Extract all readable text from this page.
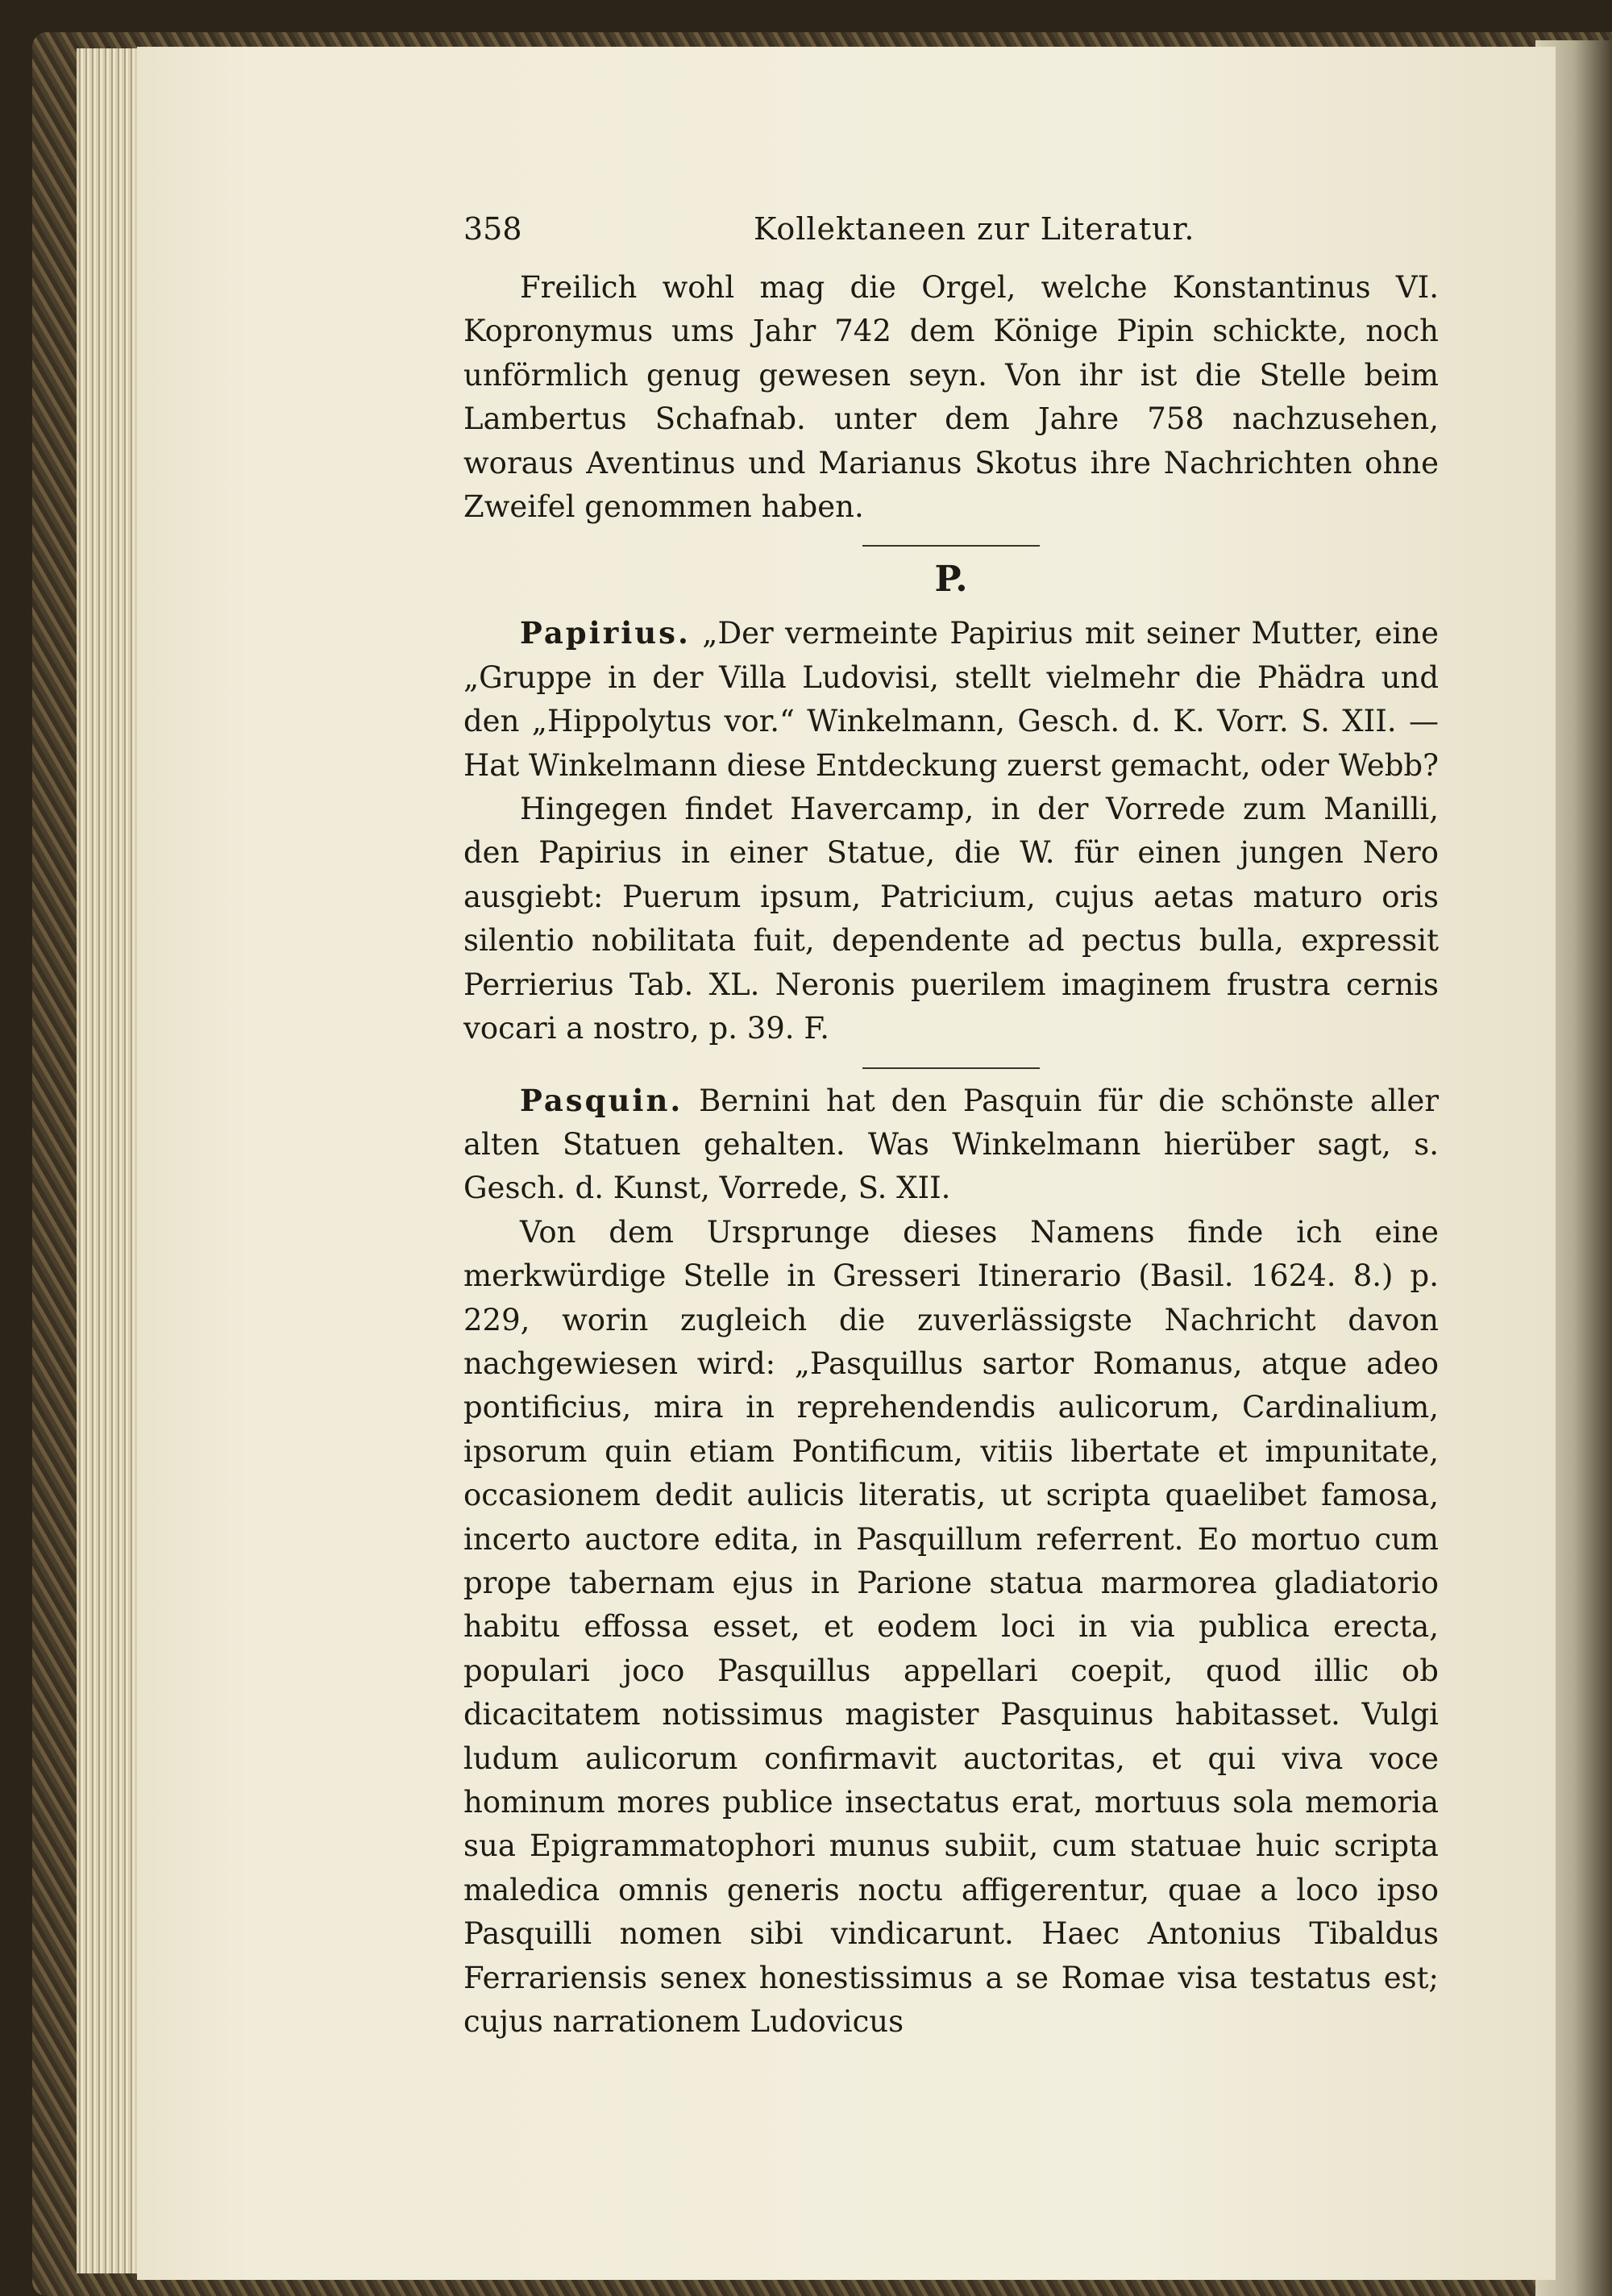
358	Kollektaneen zur Literatur.

Freilich wohl mag die Orgel, welche Konstantinus VI. Kopronymus ums Jahr 742 dem Könige Pipin schickte, noch unförmlich genug gewesen seyn. Von ihr ist die Stelle beim Lambertus Schafnab. unter dem Jahre 758 nachzusehen, woraus Aventinus und Marianus Skotus ihre Nachrichten ohne Zweifel genommen haben.

P.

Papirius. „Der vermeinte Papirius mit seiner Mutter, eine „Gruppe in der Villa Ludovisi, stellt vielmehr die Phädra und den „Hippolytus vor.“ Winkelmann, Gesch. d. K. Vorr. S. XII. — Hat Winkelmann diese Entdeckung zuerst gemacht, oder Webb?

Hingegen findet Havercamp, in der Vorrede zum Manilli, den Papirius in einer Statue, die W. für einen jungen Nero ausgiebt: Puerum ipsum, Patricium, cujus aetas maturo oris silentio nobilitata fuit, dependente ad pectus bulla, expressit Perrierius Tab. XL. Neronis puerilem imaginem frustra cernis vocari a nostro, p. 39. F.

Pasquin. Bernini hat den Pasquin für die schönste aller alten Statuen gehalten. Was Winkelmann hierüber sagt, s. Gesch. d. Kunst, Vorrede, S. XII.

Von dem Ursprunge dieses Namens finde ich eine merkwürdige Stelle in Gresseri Itinerario (Basil. 1624. 8.) p. 229, worin zugleich die zuverlässigste Nachricht davon nachgewiesen wird: „Pasquillus sartor Romanus, atque adeo pontificius, mira in reprehendendis aulicorum, Cardinalium, ipsorum quin etiam Pontificum, vitiis libertate et impunitate, occasionem dedit aulicis literatis, ut scripta quaelibet famosa, incerto auctore edita, in Pasquillum referrent. Eo mortuo cum prope tabernam ejus in Parione statua marmorea gladiatorio habitu effossa esset, et eodem loci in via publica erecta, populari joco Pasquillus appellari coepit, quod illic ob dicacitatem notissimus magister Pasquinus habitasset. Vulgi ludum aulicorum confirmavit auctoritas, et qui viva voce hominum mores publice insectatus erat, mortuus sola memoria sua Epigrammatophori munus subiit, cum statuae huic scripta maledica omnis generis noctu affigerentur, quae a loco ipso Pasquilli nomen sibi vindicarunt. Haec Antonius Tibaldus Ferrariensis senex honestissimus a se Romae visa testatus est; cujus narrationem Ludovicus
